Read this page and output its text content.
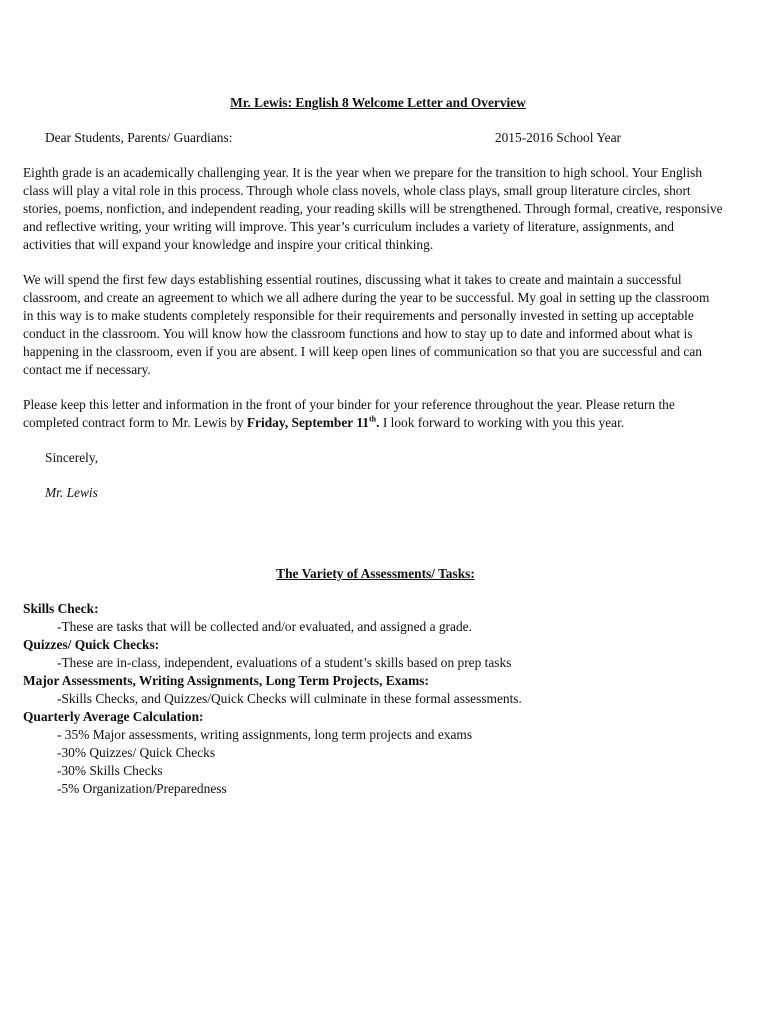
Mr. Lewis: English 8 Welcome Letter and Overview
Dear Students, Parents/ Guardians:	2015-2016 School Year

Eighth grade is an academically challenging year. It is the year when we prepare for the transition to high school. Your English class will play a vital role in this process. Through whole class novels, whole class plays, small group literature circles, short stories, poems, nonfiction, and independent reading, your reading skills will be strengthened. Through formal, creative, responsive and reflective writing, your writing will improve. This year’s curriculum includes a variety of literature, assignments, and activities that will expand your knowledge and inspire your critical thinking.

We will spend the first few days establishing essential routines, discussing what it takes to create and maintain a successful classroom, and create an agreement to which we all adhere during the year to be successful. My goal in setting up the classroom in this way is to make students completely responsible for their requirements and personally invested in setting up acceptable conduct in the classroom. You will know how the classroom functions and how to stay up to date and informed about what is happening in the classroom, even if you are absent. I will keep open lines of communication so that you are successful and can contact me if necessary.

Please keep this letter and information in the front of your binder for your reference throughout the year. Please return the completed contract form to Mr. Lewis by Friday, September 11th. I look forward to working with you this year.

Sincerely,
Mr. Lewis
The Variety of Assessments/ Tasks:
Skills Check:
-These are tasks that will be collected and/or evaluated, and assigned a grade.
Quizzes/ Quick Checks:
-These are in-class, independent, evaluations of a student’s skills based on prep tasks
Major Assessments, Writing Assignments, Long Term Projects, Exams:
-Skills Checks, and Quizzes/Quick Checks will culminate in these formal assessments.
Quarterly Average Calculation:
- 35% Major assessments, writing assignments, long term projects and exams
-30% Quizzes/ Quick Checks
-30% Skills Checks
-5% Organization/Preparedness
